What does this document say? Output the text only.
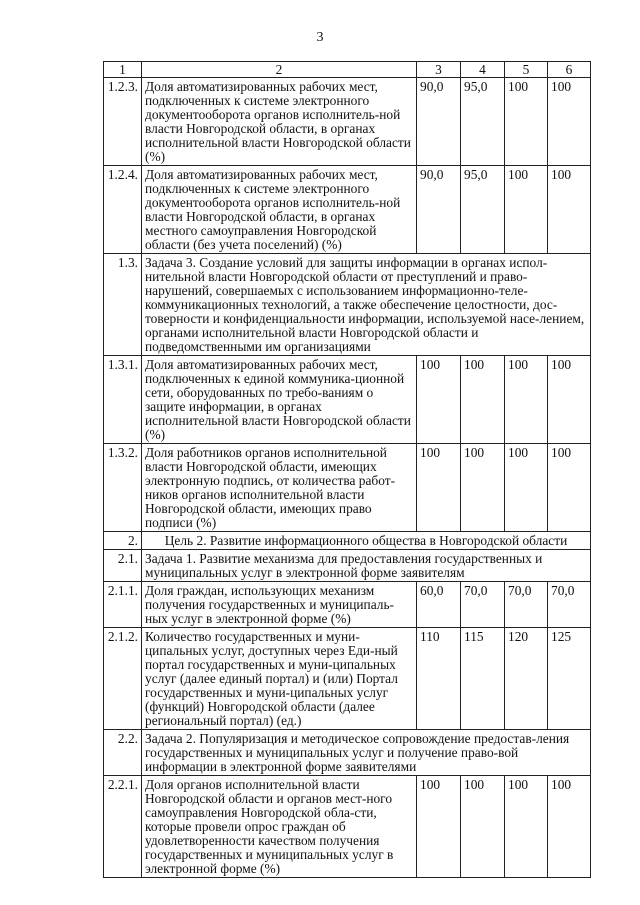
3
1	2	3	4	5	6
1.2.3.	Доля автоматизированных рабочих мест, подключенных к системе электронного документооборота органов исполнитель-ной власти Новгородской области, в органах исполнительной власти Новгородской области (%)	90,0	95,0	100	100
1.2.4.	Доля автоматизированных рабочих мест, подключенных к системе электронного документооборота органов исполнитель-ной власти Новгородской области, в органах местного самоуправления Новгородской области (без учета поселений) (%)	90,0	95,0	100	100
1.3.	Задача 3. Создание условий для защиты информации в органах испол-нительной власти Новгородской области от преступлений и право-нарушений, совершаемых с использованием информационно-теле-коммуникационных технологий, а также обеспечение целостности, дос-товерности и конфиденциальности информации, используемой насе-лением, органами исполнительной власти Новгородской области и подведомственными им организациями				
1.3.1.	Доля автоматизированных рабочих мест, подключенных к единой коммуника-ционной сети, оборудованных по требо-ваниям о защите информации, в органах исполнительной власти Новгородской области (%)	100	100	100	100
1.3.2.	Доля работников органов исполнительной власти Новгородской области, имеющих электронную подпись, от количества работ-ников органов исполнительной власти Новгородской области, имеющих право подписи (%)	100	100	100	100
2.	Цель 2. Развитие информационного общества в Новгородской области				
2.1.	Задача 1. Развитие механизма для предоставления государственных и муниципальных услуг в электронной форме заявителям				
2.1.1.	Доля граждан, использующих механизм получения государственных и муниципаль-ных услуг в электронной форме (%)	60,0	70,0	70,0	70,0
2.1.2.	Количество государственных и муни-ципальных услуг, доступных через Еди-ный портал государственных и муни-ципальных услуг (далее единый портал) и (или) Портал государственных и муни-ципальных услуг (функций) Новгородской области (далее региональный портал) (ед.)	110	115	120	125
2.2.	Задача 2. Популяризация и методическое сопровождение предостав-ления государственных и муниципальных услуг и получение право-вой информации в электронной форме заявителями				
2.2.1.	Доля органов исполнительной власти Новгородской области и органов мест-ного самоуправления Новгородской обла-сти, которые провели опрос граждан об удовлетворенности качеством получения государственных и муниципальных услуг в электронной форме (%)	100	100	100	100
